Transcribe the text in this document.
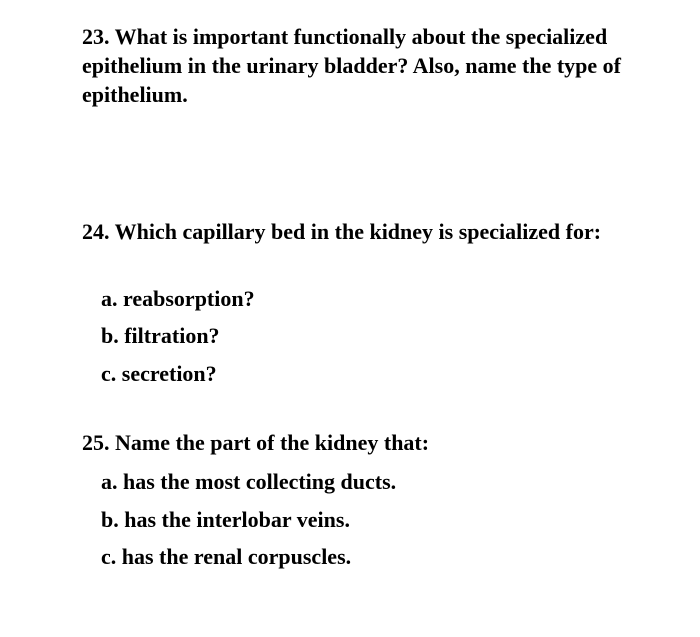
23. What is important functionally about the specialized epithelium in the urinary bladder? Also, name the type of epithelium.

24. Which capillary bed in the kidney is specialized for:

a. reabsorption?

b. filtration?

c. secretion?

25. Name the part of the kidney that:

a. has the most collecting ducts.

b. has the interlobar veins.

c. has the renal corpuscles.
